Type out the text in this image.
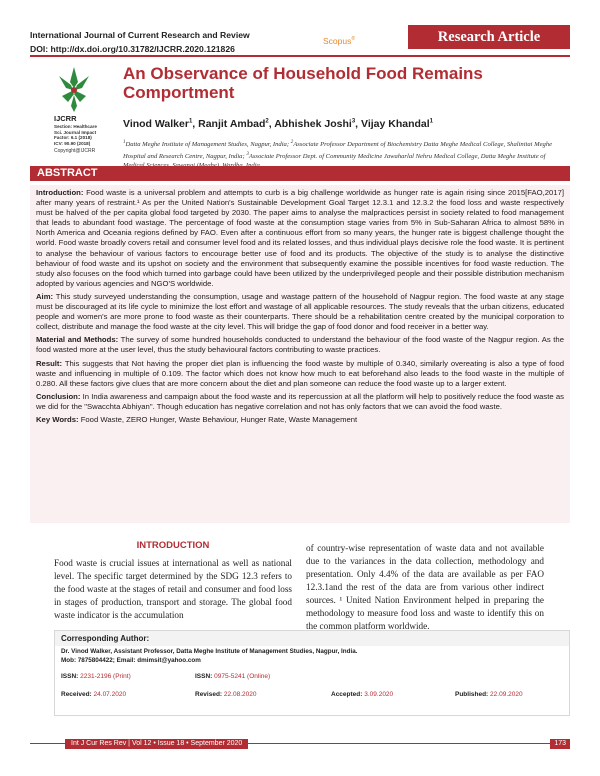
International Journal of Current Research and Review
DOI: http://dx.doi.org/10.31782/IJCRR.2020.121826
Scopus®	Research Article
IJCRR
Section: Healthcare
Sci. Journal Impact Factor: 6.1 (2018)
ICV: 90.90 (2018)
Copyright@IJCRR
An Observance of Household Food Remains Comportment
Vinod Walker$^1$, Ranjit Ambad$^2$, Abhishek Joshi$^3$, Vijay Khandal$^1$
$^1$Datta Meghe Institute of Management Studies, Nagpur, India; $^2$Associate Professor Department of Biochemistry Datta Meghe Medical College, Shalinitai Meghe Hospital and Research Centre, Nagpur, India; $^3$Associate Professor Dept. of Community Medicine Jawaharlal Nehru Medical College, Datta Meghe Institute of
ABSTRACT

Introduction: Food waste is a universal problem and attempts to curb is a big challenge worldwide as hunger rate is again rising since 2015[FAO,2017] after many years of restraint.¹ As per the United Nation's Sustainable Development Goal Target 12.3.1 and 12.3.2 the food loss and waste respectively must be halved of the per capita global food targeted by 2030. The paper aims to analyse the malpractices persist in society related to food management that leads to abundant food wastage. The percentage of food waste at the consumption stage varies from 5% in Sub-Saharan Africa to almost 58% in North America and Oceania regions defined by FAO. Even after a continuous effort from so many years, the hunger rate is biggest challenge thought the world. Food waste broadly covers retail and consumer level food and its related losses, and thus individual plays decisive role the food waste. It is pertinent to analyse the behaviour of various factors to encourage better use of food and its products. The objective of the study is to analyse the distinctive behaviour of food waste and its upshot on society and the environment that subsequently examine the possible incentives for food waste reduction. The study also focuses on the food which turned into garbage could have been utilized by the underprivileged people and their possible distribution mechanism adopted by various agencies and NGO'S worldwide.

Aim: This study surveyed understanding the consumption, usage and wastage pattern of the household of Nagpur region. The food waste at any stage must be discouraged at its life cycle to minimize the lost effort and wastage of all applicable resources. The study reveals that the urban citizens, educated people and women's are more prone to food waste as their counterparts. There should be a rehabilitation centre created by the municipal corporation to collect, distribute and manage the food waste at the city level. This will bridge the gap of food donor and food receiver in a better way.

Material and Methods: The survey of some hundred households conducted to understand the behaviour of the food waste of the Nagpur region. As the food wasted more at the user level, thus the study behavioural factors contributing to waste practices.

Result: This suggests that Not having the proper diet plan is influencing the food waste by multiple of 0.340, similarly overeating is also a type of food waste and influencing in multiple of 0.109. The factor which does not know how much to eat beforehand also leads to the food waste in the multiple of 0.280. All these factors give clues that are more concern about the diet and plan someone can reduce the food waste up to a larger extent.

Conclusion: In India awareness and campaign about the food waste and its repercussion at all the platform will help to positively reduce the food waste as we did for the "Swacchta Abhiyan". Though education has negative correlation and not has only factors that we can avoid the food waste.

Key Words: Food Waste, ZERO Hunger, Waste Behaviour, Hunger Rate, Waste Management

INTRODUCTION
Food waste is crucial issues at international as well as national level. The specific target determined by the SDG 12.3 refers to the food waste at the stages of retail and consumer and food loss in stages of production, transport and storage. The global food waste indicator is the accumulation
of country-wise representation of waste data and not available due to the variances in the data collection, methodology and presentation. Only 4.4% of the data are available as per FAO 12.3.1and the rest of the data are from various other indirect sources. ¹ United Nation Environment helped in preparing the methodology to measure food loss and waste to identify this on the common platform worldwide.
Corresponding Author:
Dr. Vinod Walker, Assistant Professor, Datta Meghe Institute of Management Studies, Nagpur, India.
Mob: 7875804422; Email: dmimsit@yahoo.com
ISSN: 2231-2196 (Print)	ISSN: 0975-5241 (Online)
Received: 24.07.2020	Revised: 22.08.2020	Accepted: 3.09.2020	Published: 22.09.2020
Int J Cur Res Rev | Vol 12 • Issue 18 • September 2020	173
